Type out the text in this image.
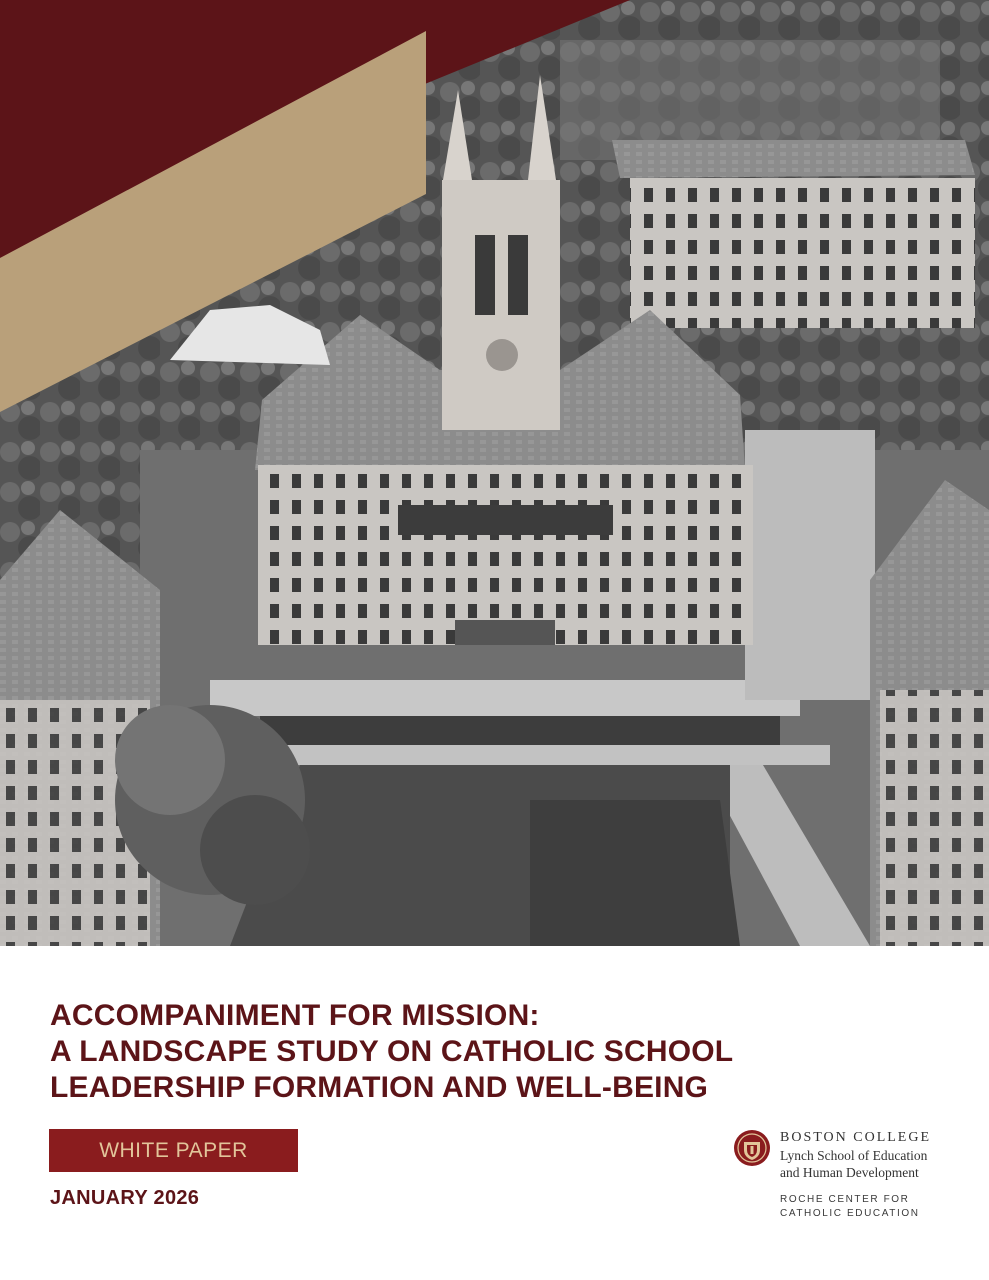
ACCOMPANIMENT FOR MISSION:
A LANDSCAPE STUDY ON CATHOLIC SCHOOL
LEADERSHIP FORMATION AND WELL-BEING
WHITE PAPER
JANUARY 2026
BOSTON COLLEGE
Lynch School of Education
and Human Development
ROCHE CENTER FOR
CATHOLIC EDUCATION
